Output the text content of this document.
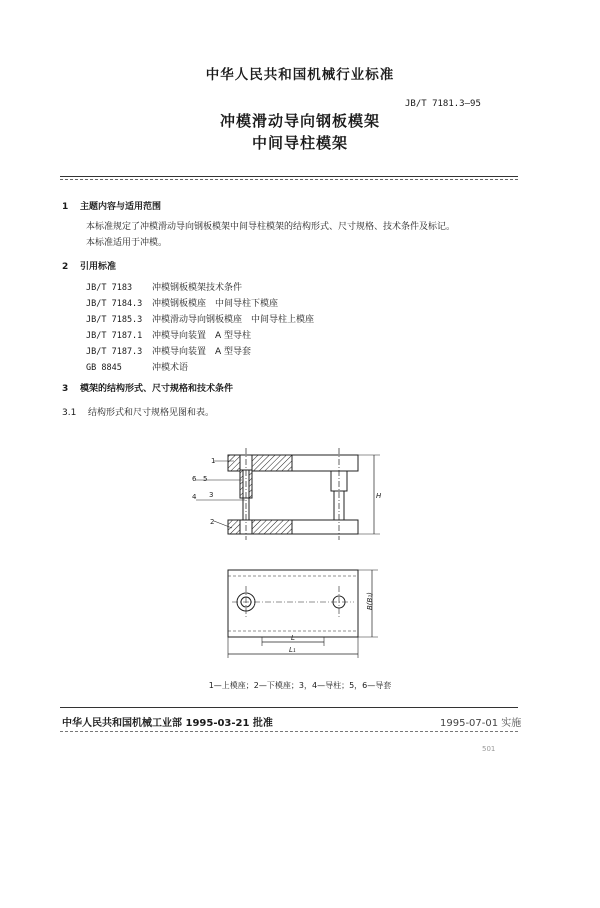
中华人民共和国机械行业标准
JB/T 7181.3—95
冲模滑动导向钢板模架
中间导柱模架
1 主题内容与适用范围
本标准规定了冲模滑动导向钢板模架中间导柱模架的结构形式、尺寸规格、技术条件及标记。
本标准适用于冲模。
2 引用标准
JB/T 7183 冲模钢板模架技术条件
JB/T 7184.3 冲模钢板模座　中间导柱下模座
JB/T 7185.3 冲模滑动导向钢板模座　中间导柱上模座
JB/T 7187.1 冲模导向装置　A 型导柱
JB/T 7187.3 冲模导向装置　A 型导套
GB 8845	冲模术语
3 模架的结构形式、尺寸规格和技术条件
3.1 结构形式和尺寸规格见图和表。
1
6 5
4 3
2
H
B(B₁)
L
L₁
1—上模座；2—下模座；3，4—导柱；5，6—导套
中华人民共和国机械工业部 1995-03-21 批准	1995-07-01 实施
501
